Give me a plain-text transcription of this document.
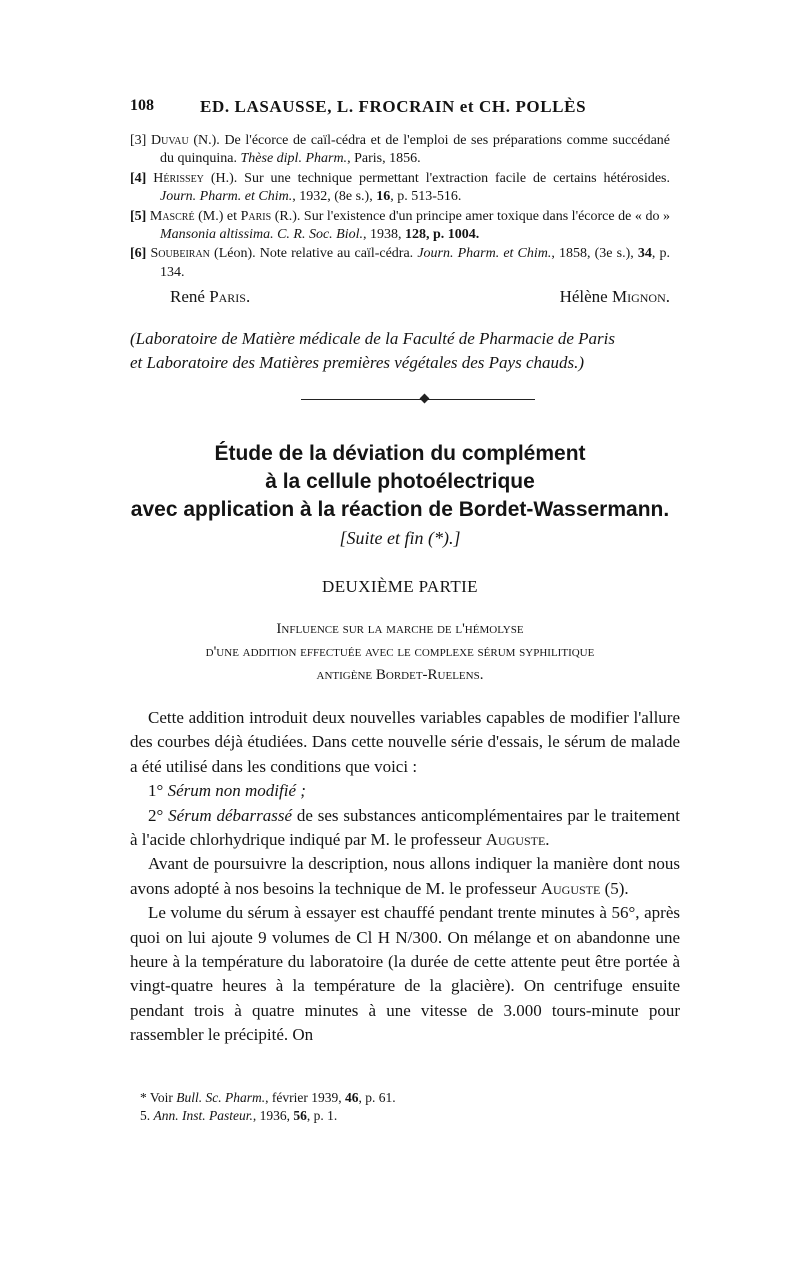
108	ED. LASAUSSE, L. FROCRAIN et CH. POLLÈS
[3] Duvau (N.). De l'écorce de caïl-cédra et de l'emploi de ses préparations comme succédané du quinquina. Thèse dipl. Pharm., Paris, 1856.
[4] Hérissey (H.). Sur une technique permettant l'extraction facile de certains hétérosides. Journ. Pharm. et Chim., 1932, (8e s.), 16, p. 513-516.
[5] Mascré (M.) et Paris (R.). Sur l'existence d'un principe amer toxique dans l'écorce de « do » Mansonia altissima. C. R. Soc. Biol., 1938, 128, p. 1004.
[6] Soubeiran (Léon). Note relative au caïl-cédra. Journ. Pharm. et Chim., 1858, (3e s.), 34, p. 134.
René Paris.	Hélène Mignon.
(Laboratoire de Matière médicale de la Faculté de Pharmacie de Paris
et Laboratoire des Matières premières végétales des Pays chauds.)
Étude de la déviation du complément
à la cellule photoélectrique
avec application à la réaction de Bordet-Wassermann.
[Suite et fin (*).]
DEUXIÈME PARTIE
Influence sur la marche de l'hémolyse
d'une addition effectuée avec le complexe sérum syphilitique
antigène Bordet-Ruelens.

Cette addition introduit deux nouvelles variables capables de modifier l'allure des courbes déjà étudiées. Dans cette nouvelle série d'essais, le sérum de malade a été utilisé dans les conditions que voici :

1° Sérum non modifié ;

2° Sérum débarrassé de ses substances anticomplémentaires par le traitement à l'acide chlorhydrique indiqué par M. le professeur Auguste.

Avant de poursuivre la description, nous allons indiquer la manière dont nous avons adopté à nos besoins la technique de M. le professeur Auguste (5).

Le volume du sérum à essayer est chauffé pendant trente minutes à 56°, après quoi on lui ajoute 9 volumes de Cl H N/300. On mélange et on abandonne une heure à la température du laboratoire (la durée de cette attente peut être portée à vingt-quatre heures à la température de la glacière). On centrifuge ensuite pendant trois à quatre minutes à une vitesse de 3.000 tours-minute pour rassembler le précipité. On

* Voir Bull. Sc. Pharm., février 1939, 46, p. 61.
5. Ann. Inst. Pasteur., 1936, 56, p. 1.
